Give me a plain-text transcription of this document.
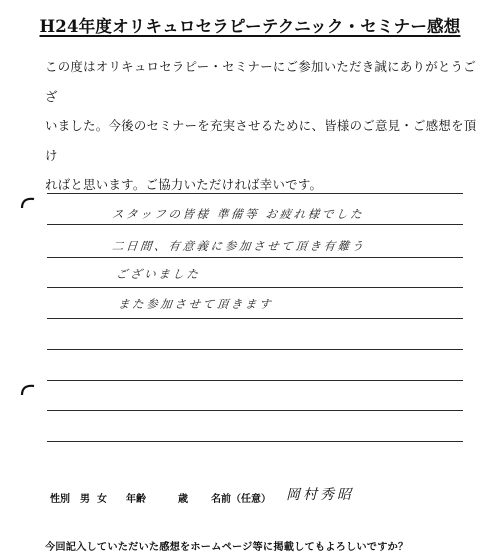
H24年度オリキュロセラピーテクニック・セミナー感想
この度はオリキュロセラピー・セミナーにご参加いただき誠にありがとうござ
いました。今後のセミナーを充実させるために、皆様のご意見・ご感想を頂け
ればと思います。ご協力いただければ幸いです。
スタッフの皆様 準備等 お疲れ様でした
二日間、有意義に参加させて頂き有難う
ございました
また参加させて頂きます
性別 男 女 年齢	歳 名前（任意） 岡村秀昭
今回記入していただいた感想をホームページ等に掲載してもよろしいですか？
